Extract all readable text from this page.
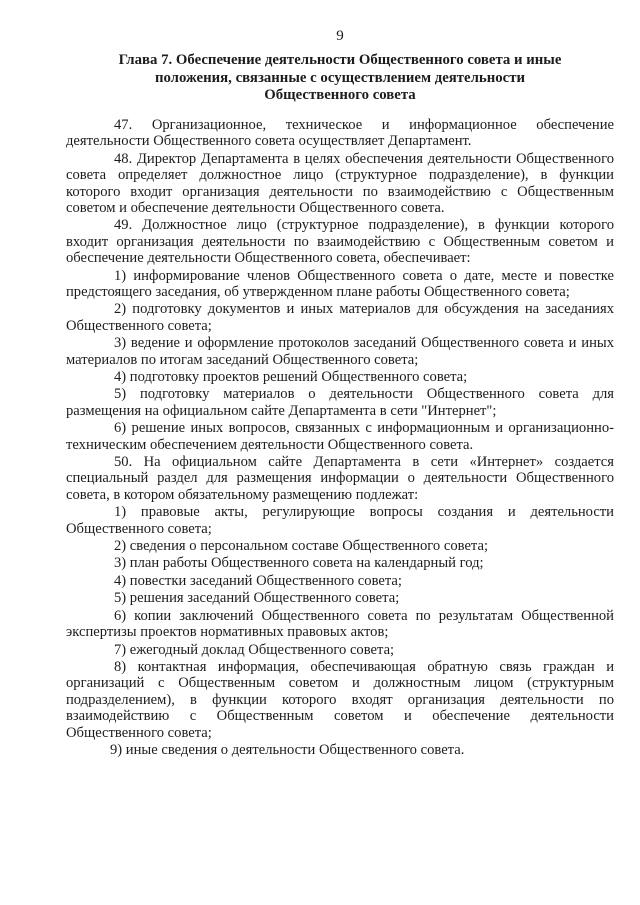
9
Глава 7. Обеспечение деятельности Общественного совета и иные
положения, связанные с осуществлением деятельности
Общественного совета

47. Организационное, техническое и информационное обеспечение деятельности Общественного совета осуществляет Департамент.

48. Директор Департамента в целях обеспечения деятельности Общественного совета определяет должностное лицо (структурное подразделение), в функции которого входит организация деятельности по взаимодействию с Общественным советом и обеспечение деятельности Общественного совета.

49. Должностное лицо (структурное подразделение), в функции которого входит организация деятельности по взаимодействию с Общественным советом и обеспечение деятельности Общественного совета, обеспечивает:

1) информирование членов Общественного совета о дате, месте и повестке предстоящего заседания, об утвержденном плане работы Общественного совета;

2) подготовку документов и иных материалов для обсуждения на заседаниях Общественного совета;

3) ведение и оформление протоколов заседаний Общественного совета и иных материалов по итогам заседаний Общественного совета;

4) подготовку проектов решений Общественного совета;

5) подготовку материалов о деятельности Общественного совета для размещения на официальном сайте Департамента в сети "Интернет";

6) решение иных вопросов, связанных с информационным и организационно-техническим обеспечением деятельности Общественного совета.

50. На официальном сайте Департамента в сети «Интернет» создается специальный раздел для размещения информации о деятельности Общественного совета, в котором обязательному размещению подлежат:

1) правовые акты, регулирующие вопросы создания и деятельности Общественного совета;

2) сведения о персональном составе Общественного совета;

3) план работы Общественного совета на календарный год;

4) повестки заседаний Общественного совета;

5) решения заседаний Общественного совета;

6) копии заключений Общественного совета по результатам Общественной экспертизы проектов нормативных правовых актов;

7) ежегодный доклад Общественного совета;

8) контактная информация, обеспечивающая обратную связь граждан и организаций с Общественным советом и должностным лицом (структурным подразделением), в функции которого входят организация деятельности по взаимодействию с Общественным советом и обеспечение деятельности Общественного совета;

9) иные сведения о деятельности Общественного совета.
